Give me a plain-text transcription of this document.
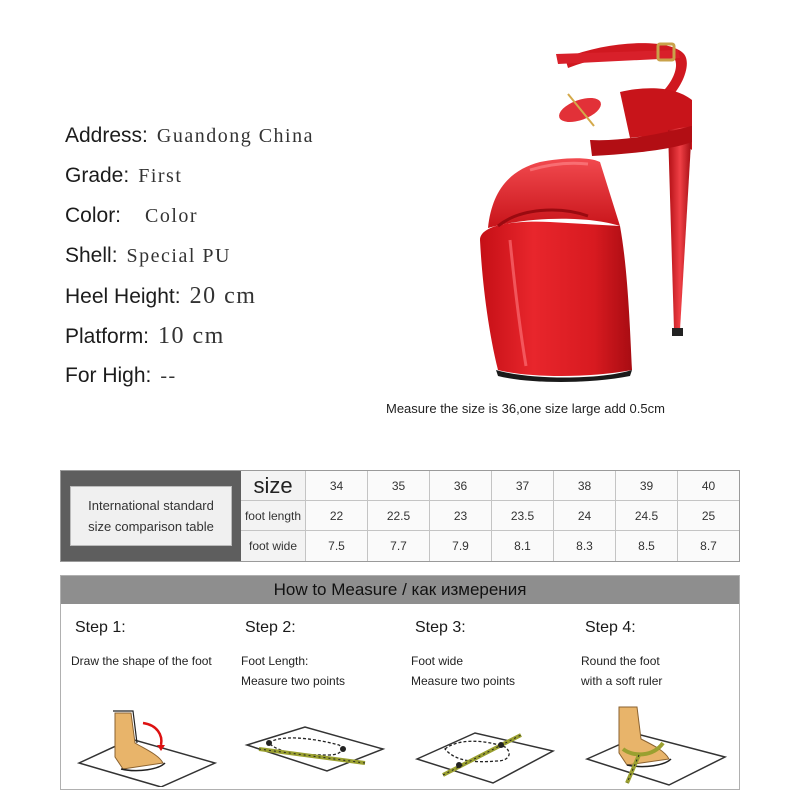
Address: Guandong China
Grade: First
Color: Color
Shell: Special PU
Heel Height: 20 cm
Platform: 10 cm
For High: --
Measure the size is 36,one size large add 0.5cm
International standard
size comparison table
size	34	35	36	37	38	39	40
foot length	22	22.5	23	23.5	24	24.5	25
foot wide	7.5	7.7	7.9	8.1	8.3	8.5	8.7
How to Measure / как измерения
Step 1:
Draw the shape of the foot
Step 2:
Foot Length:
Measure two points
Step 3:
Foot wide
Measure two points
Step 4:
Round the foot
with a soft ruler
